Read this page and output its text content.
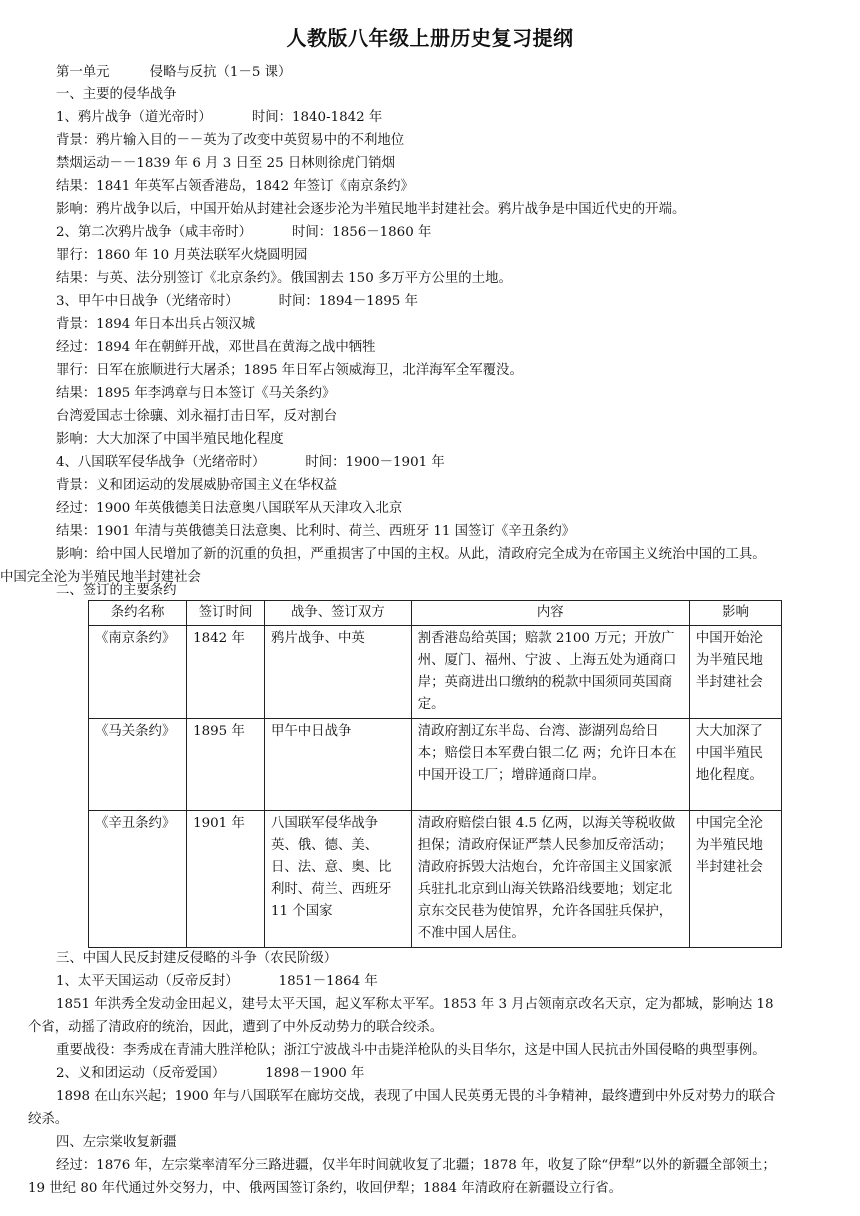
人教版八年级上册历史复习提纲
第一单元	侵略与反抗（1－5 课）
一、主要的侵华战争
1、鸦片战争（道光帝时）	时间：1840-1842 年
背景：鸦片输入目的－－英为了改变中英贸易中的不利地位
禁烟运动－－1839 年 6 月 3 日至 25 日林则徐虎门销烟
结果：1841 年英军占领香港岛，1842 年签订《南京条约》
影响：鸦片战争以后，中国开始从封建社会逐步沦为半殖民地半封建社会。鸦片战争是中国近代史的开端。
2、第二次鸦片战争（咸丰帝时）	时间：1856－1860 年
罪行：1860 年 10 月英法联军火烧圆明园
结果：与英、法分别签订《北京条约》。俄国割去 150 多万平方公里的土地。
3、甲午中日战争（光绪帝时）	时间：1894－1895 年
背景：1894 年日本出兵占领汉城
经过：1894 年在朝鲜开战，邓世昌在黄海之战中牺牲
罪行：日军在旅顺进行大屠杀；1895 年日军占领威海卫，北洋海军全军覆没。
结果：1895 年李鸿章与日本签订《马关条约》
台湾爱国志士徐骧、刘永福打击日军，反对割台
影响：大大加深了中国半殖民地化程度
4、八国联军侵华战争（光绪帝时）	时间：1900－1901 年
背景：义和团运动的发展威胁帝国主义在华权益
经过：1900 年英俄德美日法意奥八国联军从天津攻入北京
结果：1901 年清与英俄德美日法意奥、比利时、荷兰、西班牙 11 国签订《辛丑条约》
影响：给中国人民增加了新的沉重的负担，严重损害了中国的主权。从此，清政府完全成为在帝国主义统治中国的工具。
中国完全沦为半殖民地半封建社会
二、签订的主要条约
条约名称	签订时间	战争、签订双方	内容	影响
《南京条约》	1842 年	鸦片战争、中英	割香港岛给英国；赔款 2100 万元；开放广州、厦门、福州、宁波 、上海五处为通商口岸；英商进出口缴纳的税款中国须同英国商定。	中国开始沦为半殖民地半封建社会
《马关条约》	1895 年	甲午中日战争	清政府割辽东半岛、台湾、澎湖列岛给日本；赔偿日本军费白银二亿 两；允许日本在中国开设工厂；增辟通商口岸。	大大加深了中国半殖民地化程度。
《辛丑条约》	1901 年	八国联军侵华战争 英、俄、德、美、日、法、意、奥、比利时、荷兰、西班牙 11 个国家	清政府赔偿白银 4.5 亿两，以海关等税收做担保；清政府保证严禁人民参加反帝活动；清政府拆毁大沽炮台，允许帝国主义国家派兵驻扎北京到山海关铁路沿线要地；划定北京东交民巷为使馆界，允许各国驻兵保护，不准中国人居住。	中国完全沦为半殖民地半封建社会
三、中国人民反封建反侵略的斗争（农民阶级）
1、太平天国运动（反帝反封）	1851－1864 年
1851 年洪秀全发动金田起义，建号太平天国，起义军称太平军。1853 年 3 月占领南京改名天京，定为都城，影响达 18
个省，动摇了清政府的统治，因此，遭到了中外反动势力的联合绞杀。
重要战役：李秀成在青浦大胜洋枪队；浙江宁波战斗中击毙洋枪队的头目华尔，这是中国人民抗击外国侵略的典型事例。
2、义和团运动（反帝爱国）	1898－1900 年
1898 在山东兴起；1900 年与八国联军在廊坊交战，表现了中国人民英勇无畏的斗争精神，最终遭到中外反对势力的联合
绞杀。
四、左宗棠收复新疆
经过：1876 年，左宗棠率清军分三路进疆，仅半年时间就收复了北疆；1878 年，收复了除“伊犁”以外的新疆全部领土；
19 世纪 80 年代通过外交努力，中、俄两国签订条约，收回伊犁；1884 年清政府在新疆设立行省。
